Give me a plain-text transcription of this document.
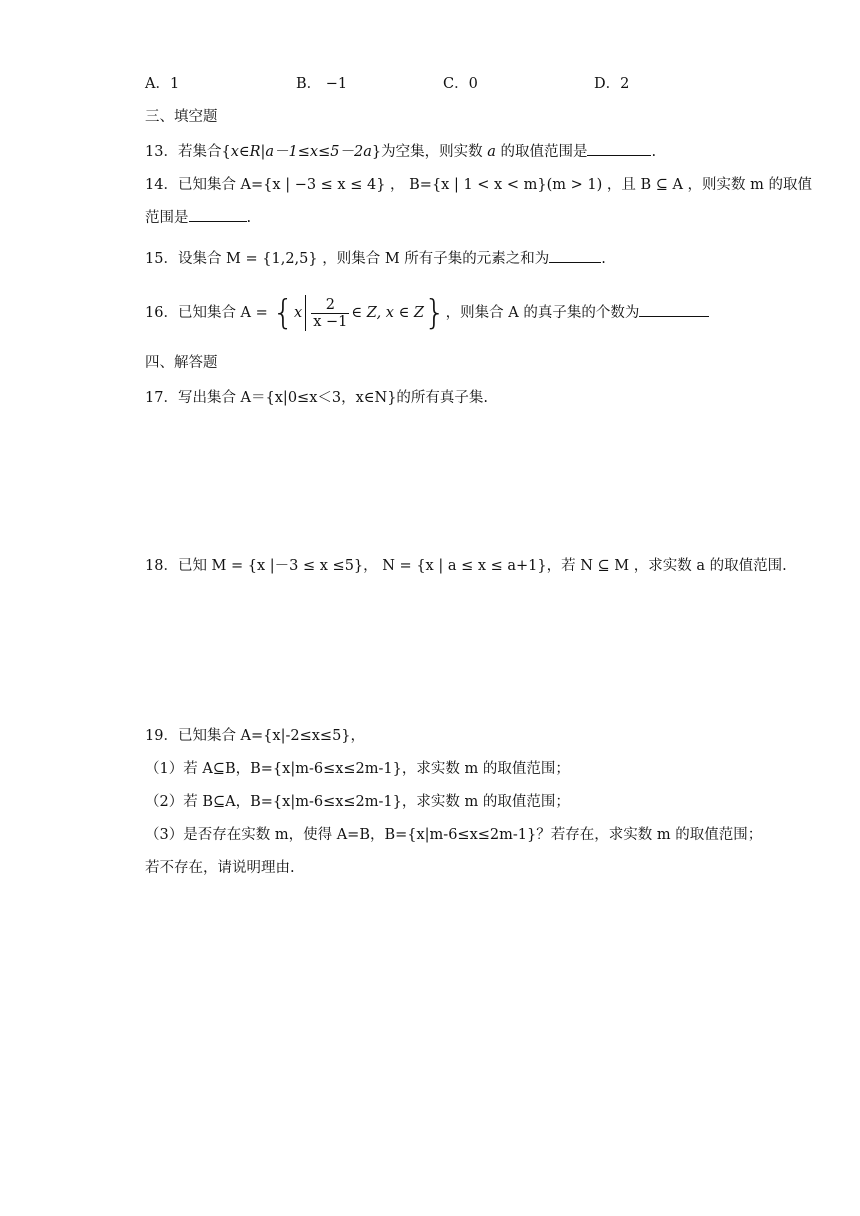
A．1	B． −1	C．0	D．2
三、填空题
13．若集合{x∈R|a－1≤x≤5－2a}为空集，则实数 a 的取值范围是	.
14．已知集合 A={x | −3 ≤ x ≤ 4} ， B={x | 1 < x < m}(m > 1) ，且 B ⊆ A ，则实数 m 的取值
范围是	.
15．设集合 M = {1,2,5} ，则集合 M 所有子集的元素之和为	.
16．已知集合 $A = \{x \frac{2}{x -1}$ ∈ Z, x ∈ Z}，则集合 A 的真子集的个数为
四、解答题
17．写出集合 A＝{x|0≤x＜3，x∈N}的所有真子集.
18．已知 M = {x |－3 ≤ x ≤5}， N = {x | a ≤ x ≤ a+1}，若 N ⊆ M ，求实数 a 的取值范围.
19．已知集合 A={x|-2≤x≤5}，
（1）若 A⊆B，B={x|m-6≤x≤2m-1}，求实数 m 的取值范围；
（2）若 B⊆A，B={x|m-6≤x≤2m-1}，求实数 m 的取值范围；
（3）是否存在实数 m，使得 A=B，B={x|m-6≤x≤2m-1}？若存在，求实数 m 的取值范围；
若不存在，请说明理由.
